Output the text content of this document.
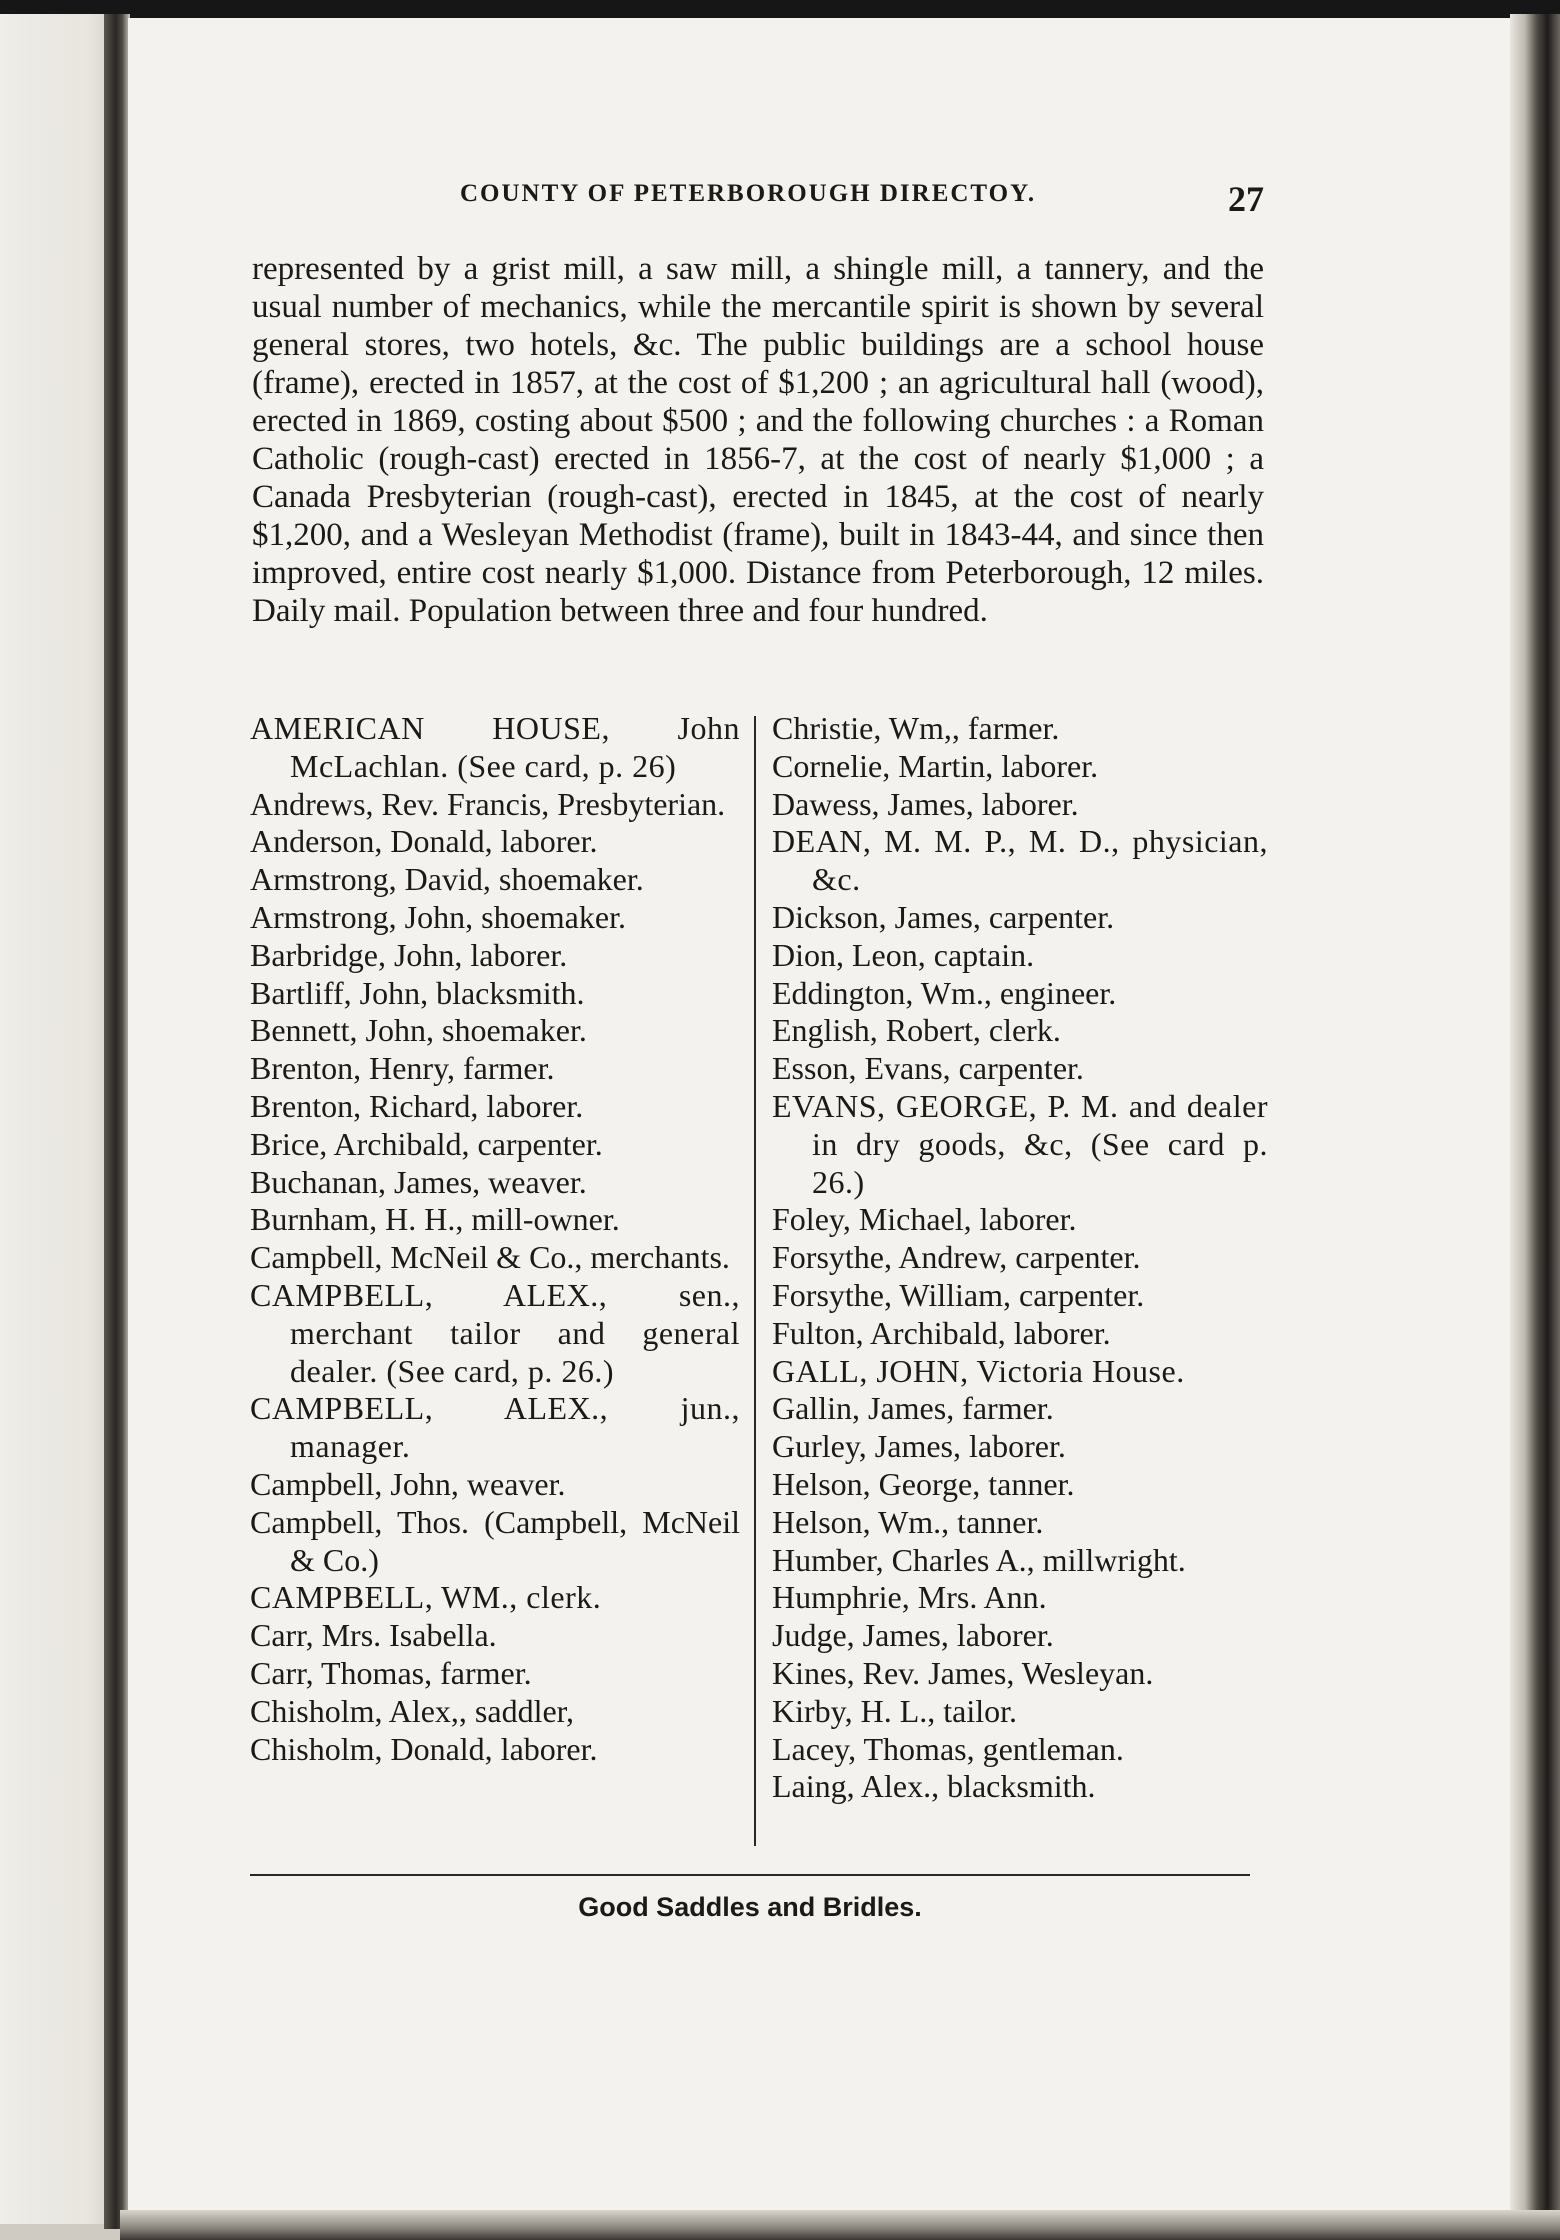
COUNTY OF PETERBOROUGH DIRECTOY.	27

represented by a grist mill, a saw mill, a shingle mill, a tannery, and the usual number of mechanics, while the mercantile spirit is shown by several general stores, two hotels, &c. The public buildings are a school house (frame), erected in 1857, at the cost of $1,200 ; an agricultural hall (wood), erected in 1869, costing about $500 ; and the following churches : a Roman Catholic (rough-cast) erected in 1856-7, at the cost of nearly $1,000 ; a Canada Presbyterian (rough-cast), erected in 1845, at the cost of nearly $1,200, and a Wesleyan Methodist (frame), built in 1843-44, and since then improved, entire cost nearly $1,000. Distance from Peterborough, 12 miles. Daily mail. Population between three and four hundred.

AMERICAN HOUSE, John McLachlan. (See card, p. 26)

Andrews, Rev. Francis, Presbyterian.

Anderson, Donald, laborer.

Armstrong, David, shoemaker.

Armstrong, John, shoemaker.

Barbridge, John, laborer.

Bartliff, John, blacksmith.

Bennett, John, shoemaker.

Brenton, Henry, farmer.

Brenton, Richard, laborer.

Brice, Archibald, carpenter.

Buchanan, James, weaver.

Burnham, H. H., mill-owner.

Campbell, McNeil & Co., merchants.

CAMPBELL, ALEX., sen., merchant tailor and general dealer. (See card, p. 26.)

CAMPBELL, ALEX., jun., manager.

Campbell, John, weaver.

Campbell, Thos. (Campbell, McNeil & Co.)

CAMPBELL, WM., clerk.

Carr, Mrs. Isabella.

Carr, Thomas, farmer.

Chisholm, Alex,, saddler,

Chisholm, Donald, laborer.

Christie, Wm,, farmer.

Cornelie, Martin, laborer.

Dawess, James, laborer.

DEAN, M. M. P., M. D., physician, &c.

Dickson, James, carpenter.

Dion, Leon, captain.

Eddington, Wm., engineer.

English, Robert, clerk.

Esson, Evans, carpenter.

EVANS, GEORGE, P. M. and dealer in dry goods, &c, (See card p. 26.)

Foley, Michael, laborer.

Forsythe, Andrew, carpenter.

Forsythe, William, carpenter.

Fulton, Archibald, laborer.

GALL, JOHN, Victoria House.

Gallin, James, farmer.

Gurley, James, laborer.

Helson, George, tanner.

Helson, Wm., tanner.

Humber, Charles A., millwright.

Humphrie, Mrs. Ann.

Judge, James, laborer.

Kines, Rev. James, Wesleyan.

Kirby, H. L., tailor.

Lacey, Thomas, gentleman.

Laing, Alex., blacksmith.

Good Saddles and Bridles.
